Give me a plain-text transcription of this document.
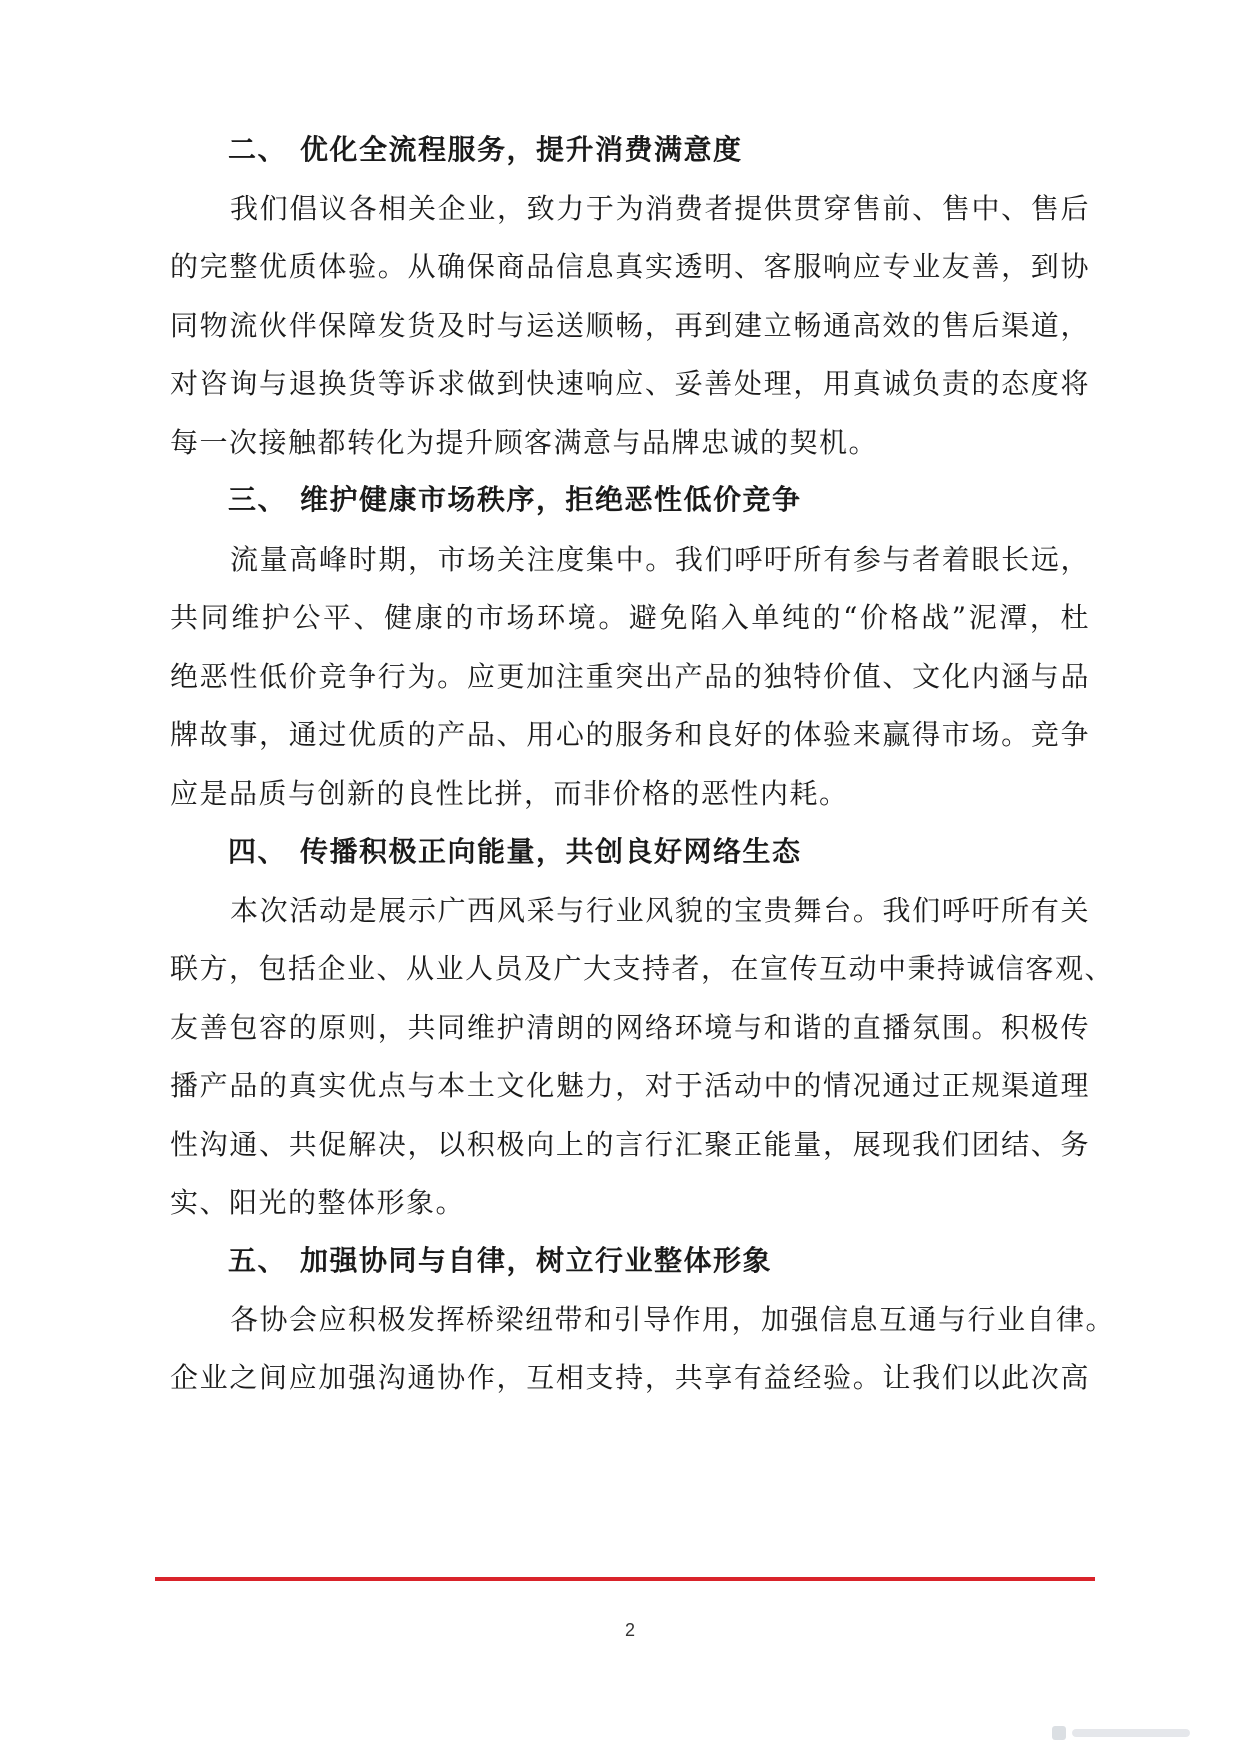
二、 优化全流程服务，提升消费满意度
我们倡议各相关企业，致力于为消费者提供贯穿售前、售中、售后
的完整优质体验。从确保商品信息真实透明、客服响应专业友善，到协
同物流伙伴保障发货及时与运送顺畅，再到建立畅通高效的售后渠道，
对咨询与退换货等诉求做到快速响应、妥善处理，用真诚负责的态度将
每一次接触都转化为提升顾客满意与品牌忠诚的契机。
三、 维护健康市场秩序，拒绝恶性低价竞争
流量高峰时期，市场关注度集中。我们呼吁所有参与者着眼长远，
共同维护公平、健康的市场环境。避免陷入单纯的“价格战”泥潭，杜
绝恶性低价竞争行为。应更加注重突出产品的独特价值、文化内涵与品
牌故事，通过优质的产品、用心的服务和良好的体验来赢得市场。竞争
应是品质与创新的良性比拼，而非价格的恶性内耗。
四、 传播积极正向能量，共创良好网络生态
本次活动是展示广西风采与行业风貌的宝贵舞台。我们呼吁所有关
联方，包括企业、从业人员及广大支持者，在宣传互动中秉持诚信客观、
友善包容的原则，共同维护清朗的网络环境与和谐的直播氛围。积极传
播产品的真实优点与本土文化魅力，对于活动中的情况通过正规渠道理
性沟通、共促解决，以积极向上的言行汇聚正能量，展现我们团结、务
实、阳光的整体形象。
五、 加强协同与自律，树立行业整体形象
各协会应积极发挥桥梁纽带和引导作用，加强信息互通与行业自律。
企业之间应加强沟通协作，互相支持，共享有益经验。让我们以此次高
2
